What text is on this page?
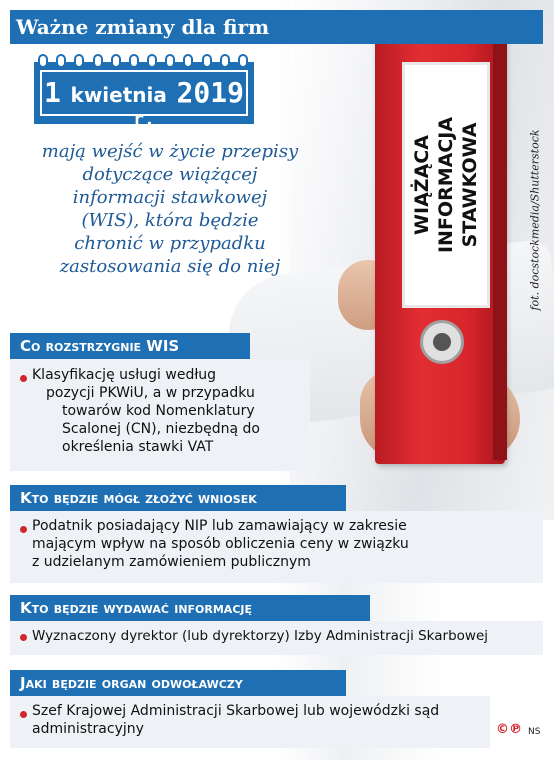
WIĄŻĄCA INFORMACJA STAWKOWA	fot. docstockmedia/Shutterstock
Ważne zmiany dla firm
1 kwietnia 2019 r.
mają wejść w życie przepisy
dotyczące wiążącej
informacji stawkowej
(WIS), która będzie
chronić w przypadku
zastosowania się do niej
Co rozstrzygnie WIS
Klasyfikację usługi według
pozycji PKWiU, a w przypadku
towarów kod Nomenklatury
Scalonej (CN), niezbędną do
określenia stawki VAT
Kto będzie mógł złożyć wniosek
Podatnik posiadający NIP lub zamawiający w zakresie
mającym wpływ na sposób obliczenia ceny w związku
z udzielanym zamówieniem publicznym
Kto będzie wydawać informację
Wyznaczony dyrektor (lub dyrektorzy) Izby Administracji Skarbowej
Jaki będzie organ odwoławczy
Szef Krajowej Administracji Skarbowej lub wojewódzki sąd
administracyjny	©℗ NS
